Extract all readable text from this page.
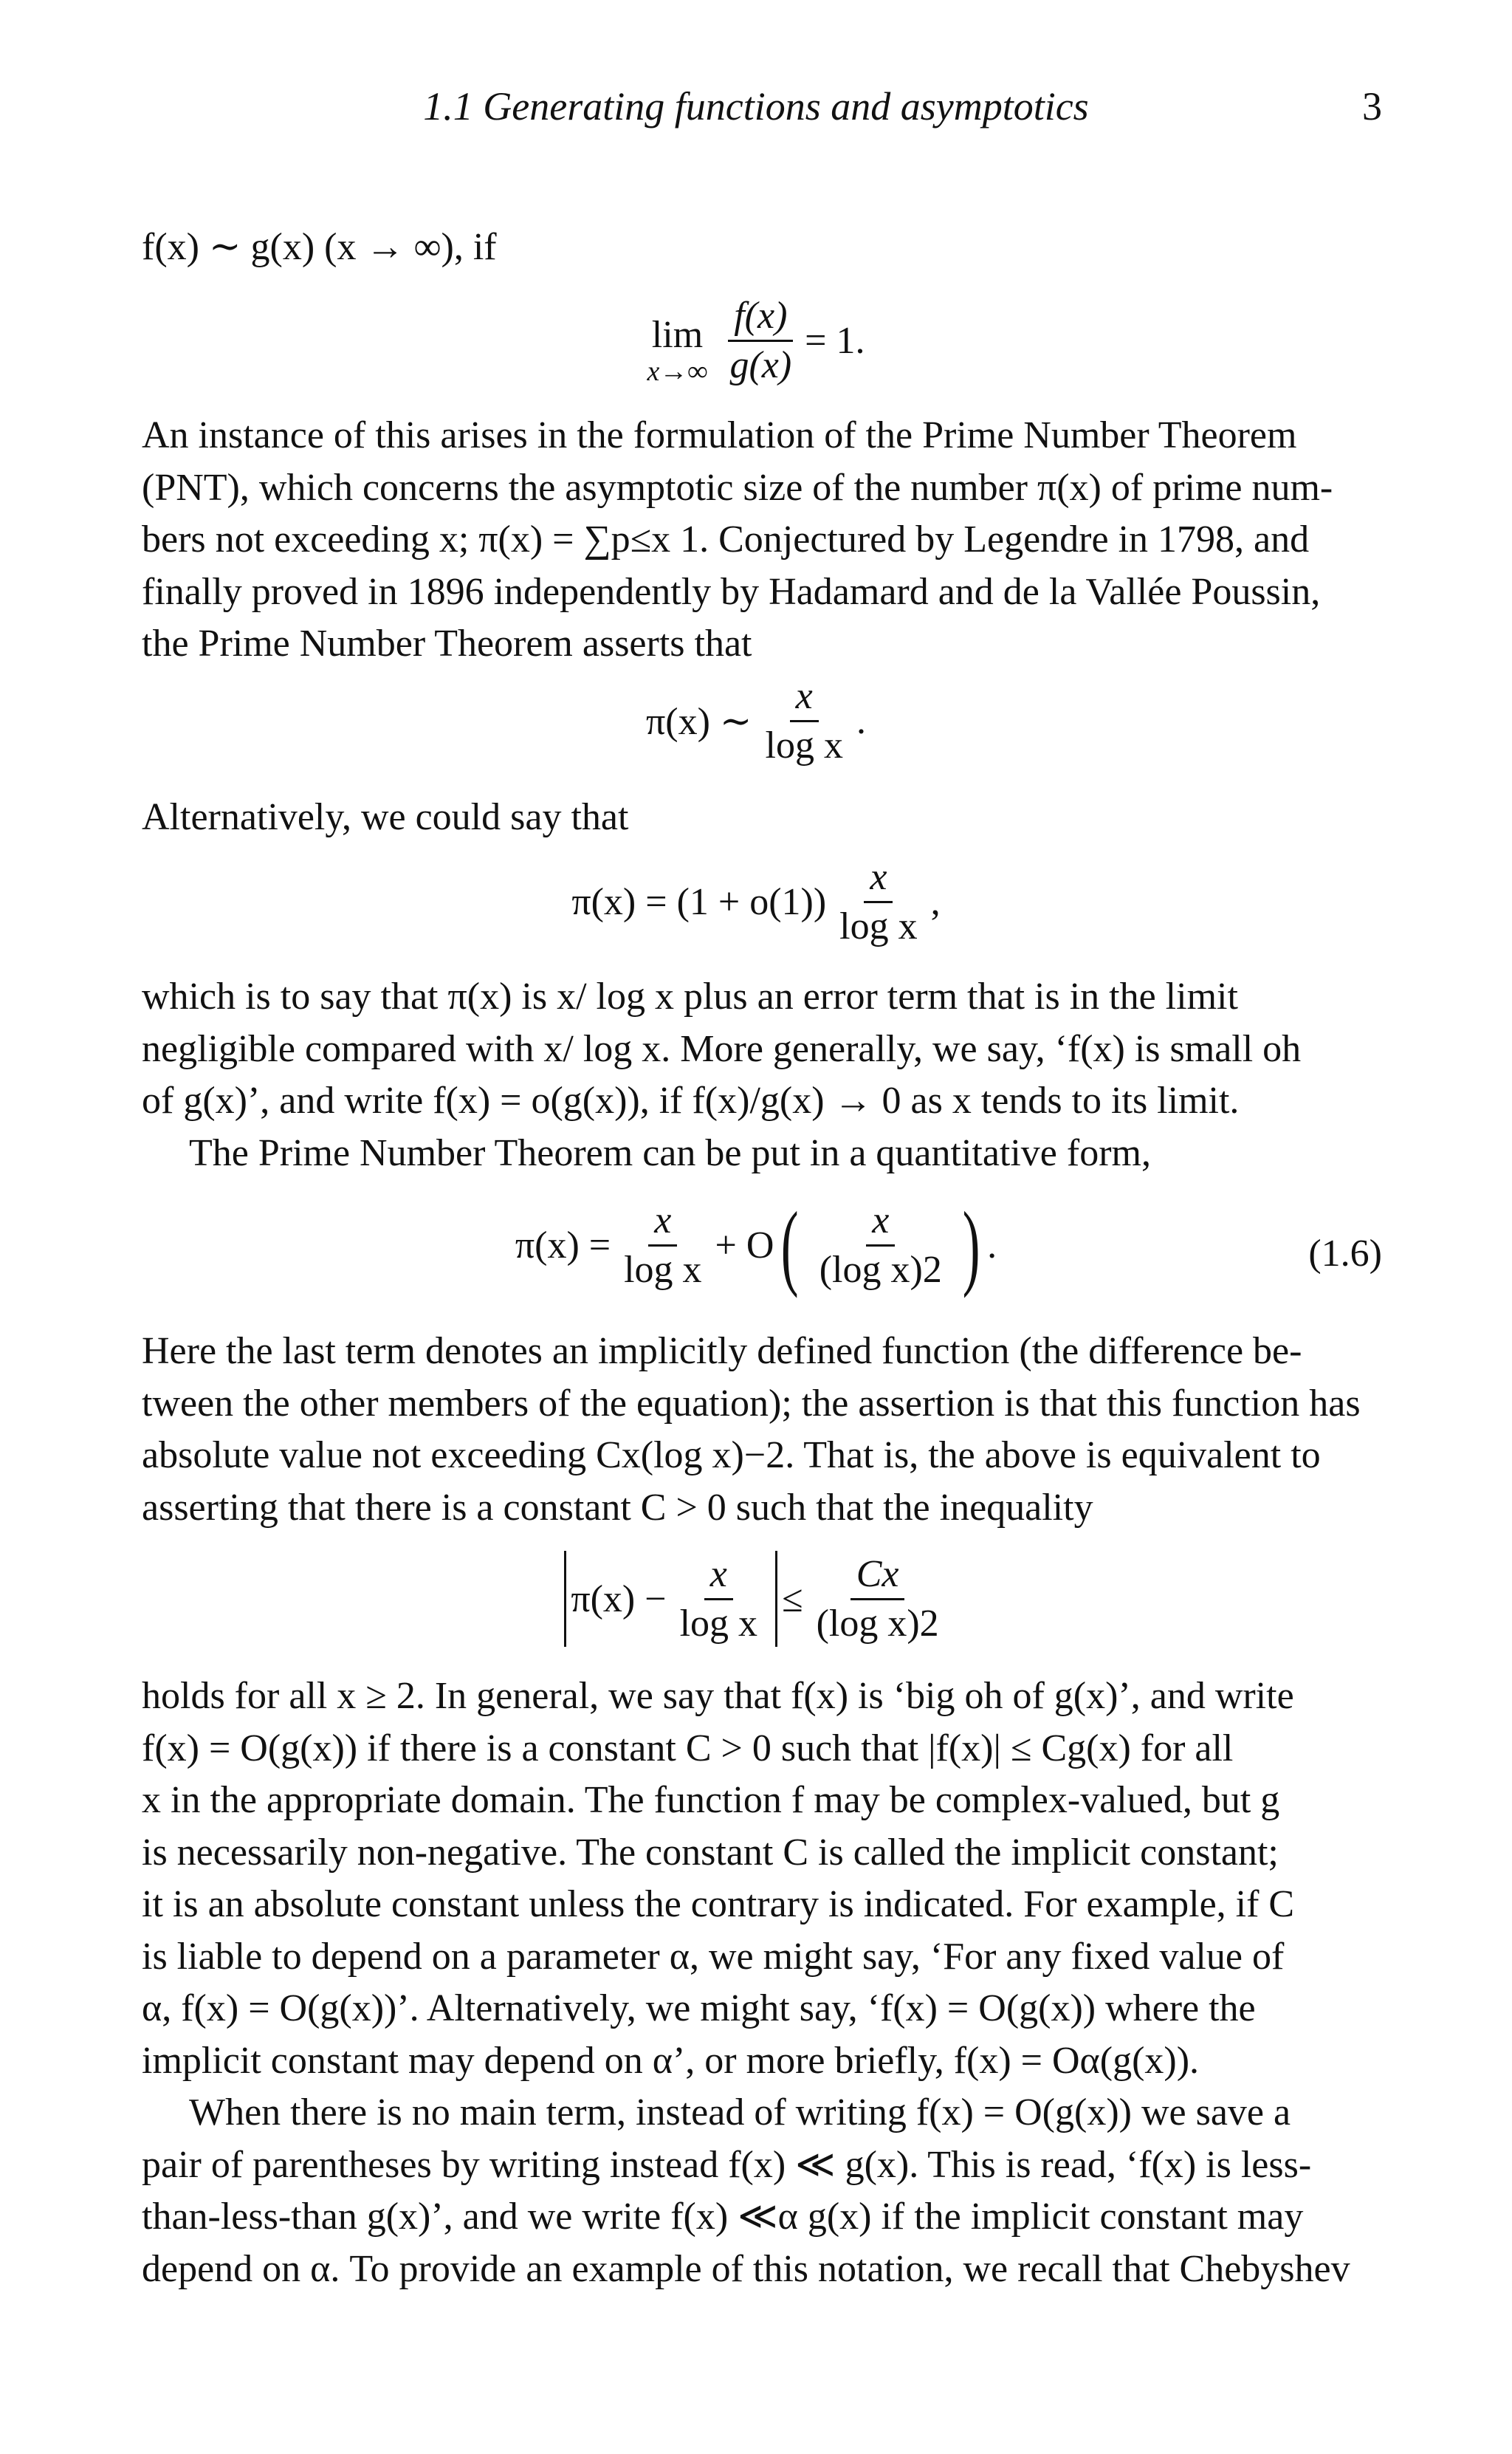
1.1 Generating functions and asymptotics	3
f(x) ∼ g(x) (x → ∞), if
lim
$x\to\infty \frac{f(x)}{g(x)} = 1$.
An instance of this arises in the formulation of the Prime Number Theorem
(PNT), which concerns the asymptotic size of the number π(x) of prime num-
bers not exceeding x; π(x) = ∑p≤x 1. Conjectured by Legendre in 1798, and
finally proved in 1896 independently by Hadamard and de la Vallée Poussin,
the Prime Number Theorem asserts that
π(x) ∼ $\frac{x}{\text{log x}}$ .
Alternatively, we could say that
$\pi(x) = (1 + o(1)) \frac{x}{\text{log x}}$ ,
which is to say that π(x) is x/ log x plus an error term that is in the limit
negligible compared with x/ log x. More generally, we say, ‘f(x) is small oh
of g(x)’, and write f(x) = o(g(x)), if f(x)/g(x) → 0 as x tends to its limit.
The Prime Number Theorem can be put in a quantitative form,
$\pi(x) = \frac{x}{\text{log x}} + O$ ( $\frac{x}{\text{(log x)2}}$ ) .	(1.6)
Here the last term denotes an implicitly defined function (the difference be-
tween the other members of the equation); the assertion is that this function has
absolute value not exceeding Cx(log x)−2. That is, the above is equivalent to
asserting that there is a constant C > 0 such that the inequality
$\pi(x) - \frac{x}{\text{log x}} \le \frac{Cx}{\text{(log x)2}}$
holds for all x ≥ 2. In general, we say that f(x) is ‘big oh of g(x)’, and write
f(x) = O(g(x)) if there is a constant C > 0 such that |f(x)| ≤ Cg(x) for all
x in the appropriate domain. The function f may be complex-valued, but g
is necessarily non-negative. The constant C is called the implicit constant;
it is an absolute constant unless the contrary is indicated. For example, if C
is liable to depend on a parameter α, we might say, ‘For any fixed value of
α, f(x) = O(g(x))’. Alternatively, we might say, ‘f(x) = O(g(x)) where the
implicit constant may depend on α’, or more briefly, f(x) = Oα(g(x)).
When there is no main term, instead of writing f(x) = O(g(x)) we save a
pair of parentheses by writing instead f(x) ≪ g(x). This is read, ‘f(x) is less-
than-less-than g(x)’, and we write f(x) ≪α g(x) if the implicit constant may
depend on α. To provide an example of this notation, we recall that Chebyshev
